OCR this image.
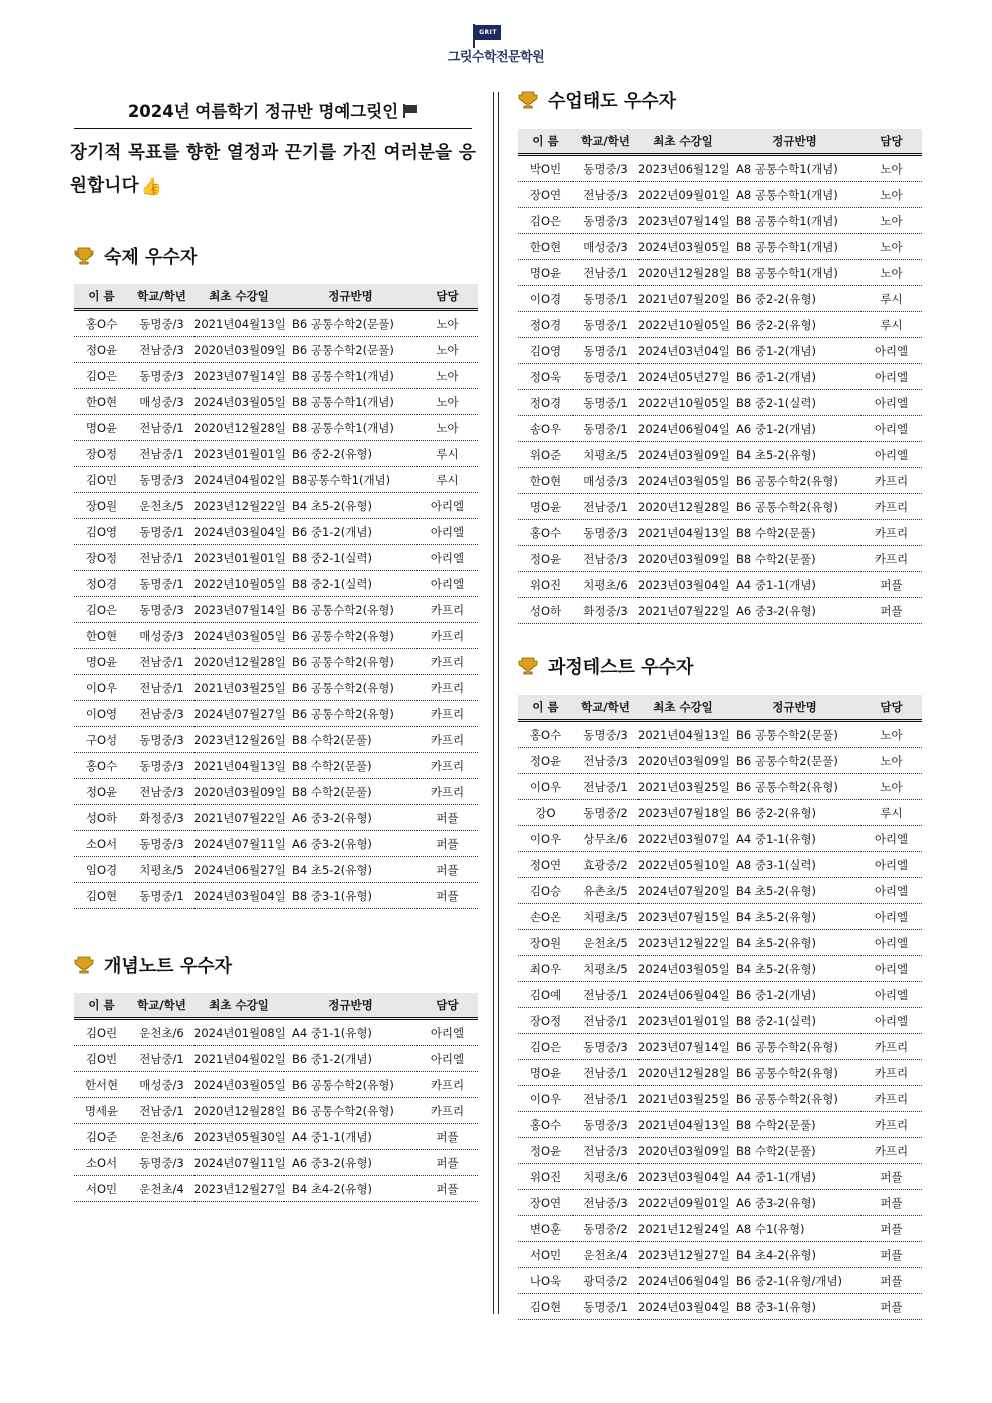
GRIT
그릿수학전문학원
2024년 여름학기 정규반 명예그릿인
장기적 목표를 향한 열정과 끈기를 가진 여러분을 응원합니다 👍
숙제 우수자
이 름	학교/학년	최초 수강일	정규반명	담당
홍O수	동명중/3	2021년04월13일	B6 공통수학2(문풀)	노아
정O윤	전남중/3	2020년03월09일	B6 공통수학2(문풀)	노아
김O은	동명중/3	2023년07월14일	B8 공통수학1(개념)	노아
한O현	매성중/3	2024년03월05일	B8 공통수학1(개념)	노아
명O윤	전남중/1	2020년12월28일	B8 공통수학1(개념)	노아
장O정	전남중/1	2023년01월01일	B6 중2-2(유형)	루시
김O민	동명중/3	2024년04월02일	B8공통수학1(개념)	루시
장O원	운천초/5	2023년12월22일	B4 초5-2(유형)	아리엘
김O영	동명중/1	2024년03월04일	B6 중1-2(개념)	아리엘
장O정	전남중/1	2023년01월01일	B8 중2-1(실력)	아리엘
정O경	동명중/1	2022년10월05일	B8 중2-1(실력)	아리엘
김O은	동명중/3	2023년07월14일	B6 공통수학2(유형)	카프리
한O현	매성중/3	2024년03월05일	B6 공통수학2(유형)	카프리
명O윤	전남중/1	2020년12월28일	B6 공통수학2(유형)	카프리
이O우	전남중/1	2021년03월25일	B6 공통수학2(유형)	카프리
이O영	전남중/3	2024년07월27일	B6 공통수학2(유형)	카프리
구O성	동명중/3	2023년12월26일	B8 수학2(문풀)	카프리
홍O수	동명중/3	2021년04월13일	B8 수학2(문풀)	카프리
정O윤	전남중/3	2020년03월09일	B8 수학2(문풀)	카프리
성O하	화정중/3	2021년07월22일	A6 중3-2(유형)	퍼플
소O서	동명중/3	2024년07월11일	A6 중3-2(유형)	퍼플
임O경	치평초/5	2024년06월27일	B4 초5-2(유형)	퍼플
김O현	동명중/1	2024년03월04일	B8 중3-1(유형)	퍼플
개념노트 우수자
이 름	학교/학년	최초 수강일	정규반명	담당
김O린	운천초/6	2024년01월08일	A4 중1-1(유형)	아리엘
김O빈	전남중/1	2021년04월02일	B6 중1-2(개념)	아리엘
한서현	매성중/3	2024년03월05일	B6 공통수학2(유형)	카프리
명세윤	전남중/1	2020년12월28일	B6 공통수학2(유형)	카프리
김O준	운천초/6	2023년05월30일	A4 중1-1(개념)	퍼플
소O서	동명중/3	2024년07월11일	A6 중3-2(유형)	퍼플
서O민	운천초/4	2023년12월27일	B4 초4-2(유형)	퍼플
수업태도 우수자
이 름	학교/학년	최초 수강일	정규반명	담당
박O빈	동명중/3	2023년06월12일	A8 공통수학1(개념)	노아
장O연	전남중/3	2022년09월01일	A8 공통수학1(개념)	노아
김O은	동명중/3	2023년07월14일	B8 공통수학1(개념)	노아
한O현	매성중/3	2024년03월05일	B8 공통수학1(개념)	노아
명O윤	전남중/1	2020년12월28일	B8 공통수학1(개념)	노아
이O경	동명중/1	2021년07월20일	B6 중2-2(유형)	루시
정O경	동명중/1	2022년10월05일	B6 중2-2(유형)	루시
김O영	동명중/1	2024년03년04일	B6 중1-2(개념)	아리엘
정O욱	동명중/1	2024년05년27일	B6 중1-2(개념)	아리엘
정O경	동명중/1	2022년10월05일	B8 중2-1(실력)	아리엘
송O우	동명중/1	2024년06월04일	A6 중1-2(개념)	아리엘
위O준	치평초/5	2024년03월09일	B4 초5-2(유형)	아리엘
한O현	매성중/3	2024년03월05일	B6 공통수학2(유형)	카프리
명O윤	전남중/1	2020년12월28일	B6 공통수학2(유형)	카프리
홍O수	동명중/3	2021년04월13일	B8 수학2(문풀)	카프리
정O윤	전남중/3	2020년03월09일	B8 수학2(문풀)	카프리
위O진	치평초/6	2023년03월04일	A4 중1-1(개념)	퍼플
성O하	화정중/3	2021년07월22일	A6 중3-2(유형)	퍼플
과정테스트 우수자
이 름	학교/학년	최초 수강일	정규반명	담당
홍O수	동명중/3	2021년04월13일	B6 공통수학2(문풀)	노아
정O윤	전남중/3	2020년03월09일	B6 공통수학2(문풀)	노아
이O우	전남중/1	2021년03월25일	B6 공통수학2(유형)	노아
강O	동명중/2	2023년07월18일	B6 중2-2(유형)	루시
이O우	상무초/6	2022년03월07일	A4 중1-1(유형)	아리엘
정O연	효광중/2	2022년05월10일	A8 중3-1(실력)	아리엘
김O승	유촌초/5	2024년07월20일	B4 초5-2(유형)	아리엘
손O온	치평초/5	2023년07월15일	B4 초5-2(유형)	아리엘
장O원	운천초/5	2023년12월22일	B4 초5-2(유형)	아리엘
최O우	치평초/5	2024년03월05일	B4 초5-2(유형)	아리엘
김O예	전남중/1	2024년06월04일	B6 중1-2(개념)	아리엘
장O정	전남중/1	2023년01월01일	B8 중2-1(실력)	아리엘
김O은	동명중/3	2023년07월14일	B6 공통수학2(유형)	카프리
명O윤	전남중/1	2020년12월28일	B6 공통수학2(유형)	카프리
이O우	전남중/1	2021년03월25일	B6 공통수학2(유형)	카프리
홍O수	동명중/3	2021년04월13일	B8 수학2(문풀)	카프리
정O윤	전남중/3	2020년03월09일	B8 수학2(문풀)	카프리
위O진	치평초/6	2023년03월04일	A4 중1-1(개념)	퍼플
장O연	전남중/3	2022년09월01일	A6 중3-2(유형)	퍼플
변O훈	동명중/2	2021년12월24일	A8 수1(유형)	퍼플
서O민	운천초/4	2023년12월27일	B4 초4-2(유형)	퍼플
나O욱	광덕중/2	2024년06월04일	B6 중2-1(유형/개념)	퍼플
김O현	동명중/1	2024년03월04일	B8 중3-1(유형)	퍼플
